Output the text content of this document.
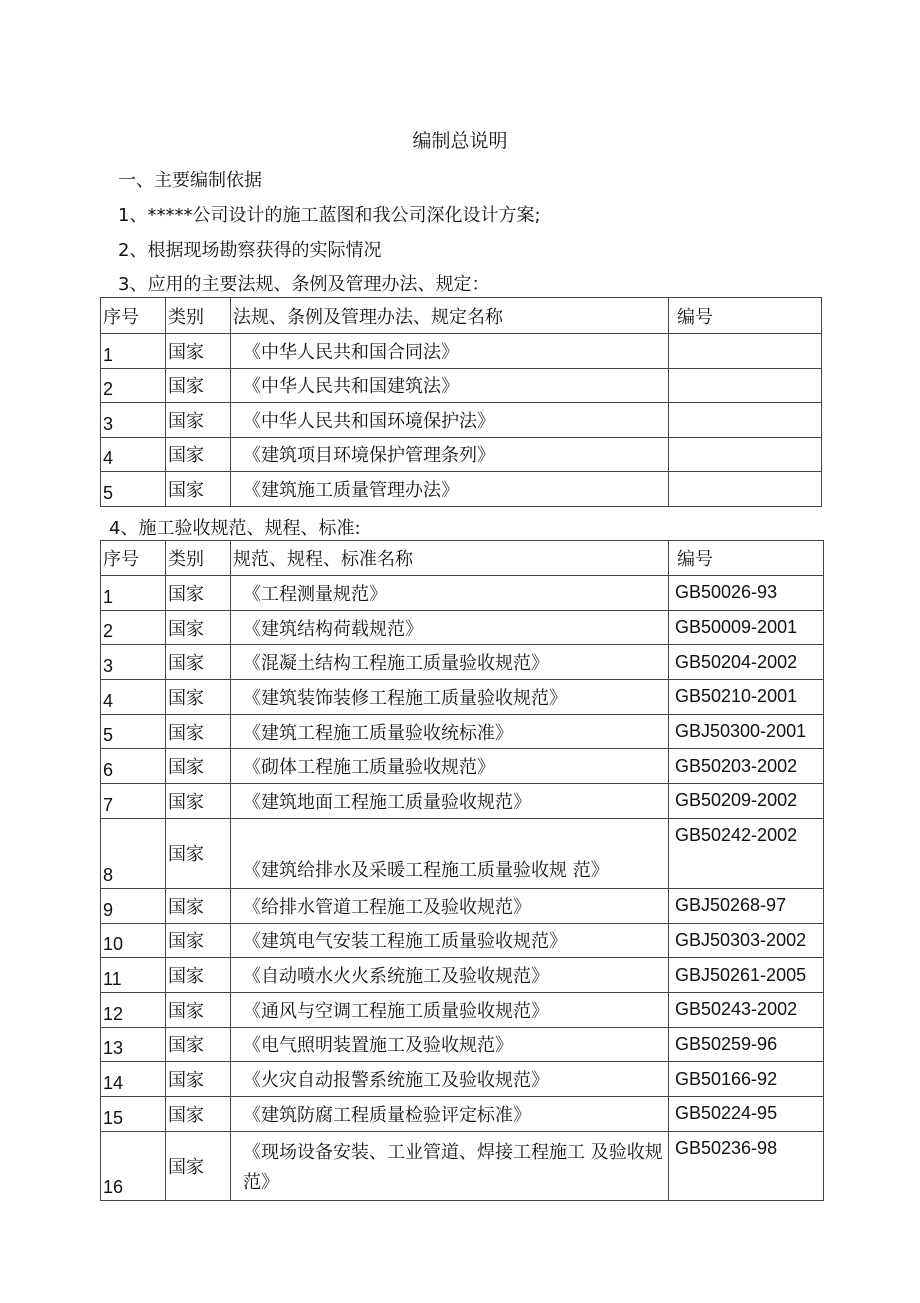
编制总说明
一、主要编制依据
1、*****公司设计的施工蓝图和我公司深化设计方案;
2、根据现场勘察获得的实际情况
3、应用的主要法规、条例及管理办法、规定：
序号	类别	法规、条例及管理办法、规定名称	编号
1	国家	《中华人民共和国合同法》	
2	国家	《中华人民共和国建筑法》	
3	国家	《中华人民共和国环境保护法》	
4	国家	《建筑项目环境保护管理条列》	
5	国家	《建筑施工质量管理办法》	
4、施工验收规范、规程、标准:
序号	类别	规范、规程、标准名称	编号
1	国家	《工程测量规范》	GB50026-93
2	国家	《建筑结构荷载规范》	GB50009-2001
3	国家	《混凝土结构工程施工质量验收规范》	GB50204-2002
4	国家	《建筑装饰装修工程施工质量验收规范》	GB50210-2001
5	国家	《建筑工程施工质量验收统标准》	GBJ50300-2001
6	国家	《砌体工程施工质量验收规范》	GB50203-2002
7	国家	《建筑地面工程施工质量验收规范》	GB50209-2002
8	国家	《建筑给排水及采暖工程施工质量验收规 范》	GB50242-2002
9	国家	《给排水管道工程施工及验收规范》	GBJ50268-97
10	国家	《建筑电气安装工程施工质量验收规范》	GBJ50303-2002
11	国家	《自动喷水火火系统施工及验收规范》	GBJ50261-2005
12	国家	《通风与空调工程施工质量验收规范》	GB50243-2002
13	国家	《电气照明装置施工及验收规范》	GB50259-96
14	国家	《火灾自动报警系统施工及验收规范》	GB50166-92
15	国家	《建筑防腐工程质量检验评定标准》	GB50224-95
16	国家	《现场设备安装、工业管道、焊接工程施工 及验收规范》	GB50236-98
